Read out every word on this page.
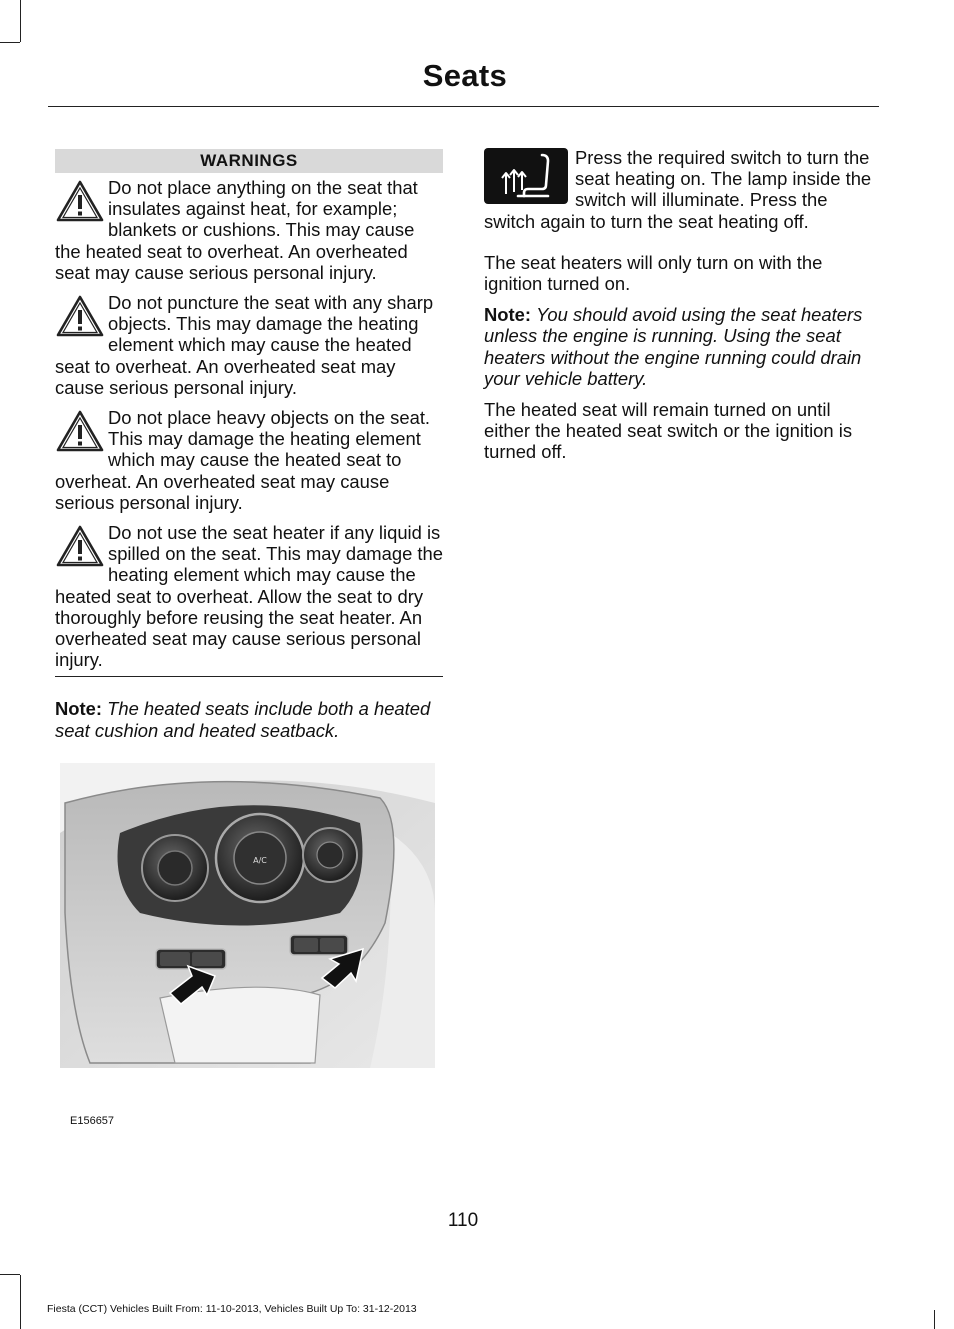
Seats
WARNINGS

Do not place anything on the seat that insulates against heat, for example; blankets or cushions. This may cause the heated seat to overheat. An overheated seat may cause serious personal injury.

Do not puncture the seat with any sharp objects. This may damage the heating element which may cause the heated seat to overheat. An overheated seat may cause serious personal injury.

Do not place heavy objects on the seat. This may damage the heating element which may cause the heated seat to overheat. An overheated seat may cause serious personal injury.

Do not use the seat heater if any liquid is spilled on the seat. This may damage the heating element which may cause the heated seat to overheat. Allow the seat to dry thoroughly before reusing the seat heater. An overheated seat may cause serious personal injury.

Note: The heated seats include both a heated seat cushion and heated seatback.

A/C
E156657

Press the required switch to turn the seat heating on. The lamp inside the switch will illuminate. Press the switch again to turn the seat heating off.

The seat heaters will only turn on with the ignition turned on.

Note: You should avoid using the seat heaters unless the engine is running. Using the seat heaters without the engine running could drain your vehicle battery.

The heated seat will remain turned on until either the heated seat switch or the ignition is turned off.

110
Fiesta (CCT) Vehicles Built From: 11-10-2013, Vehicles Built Up To: 31-12-2013
